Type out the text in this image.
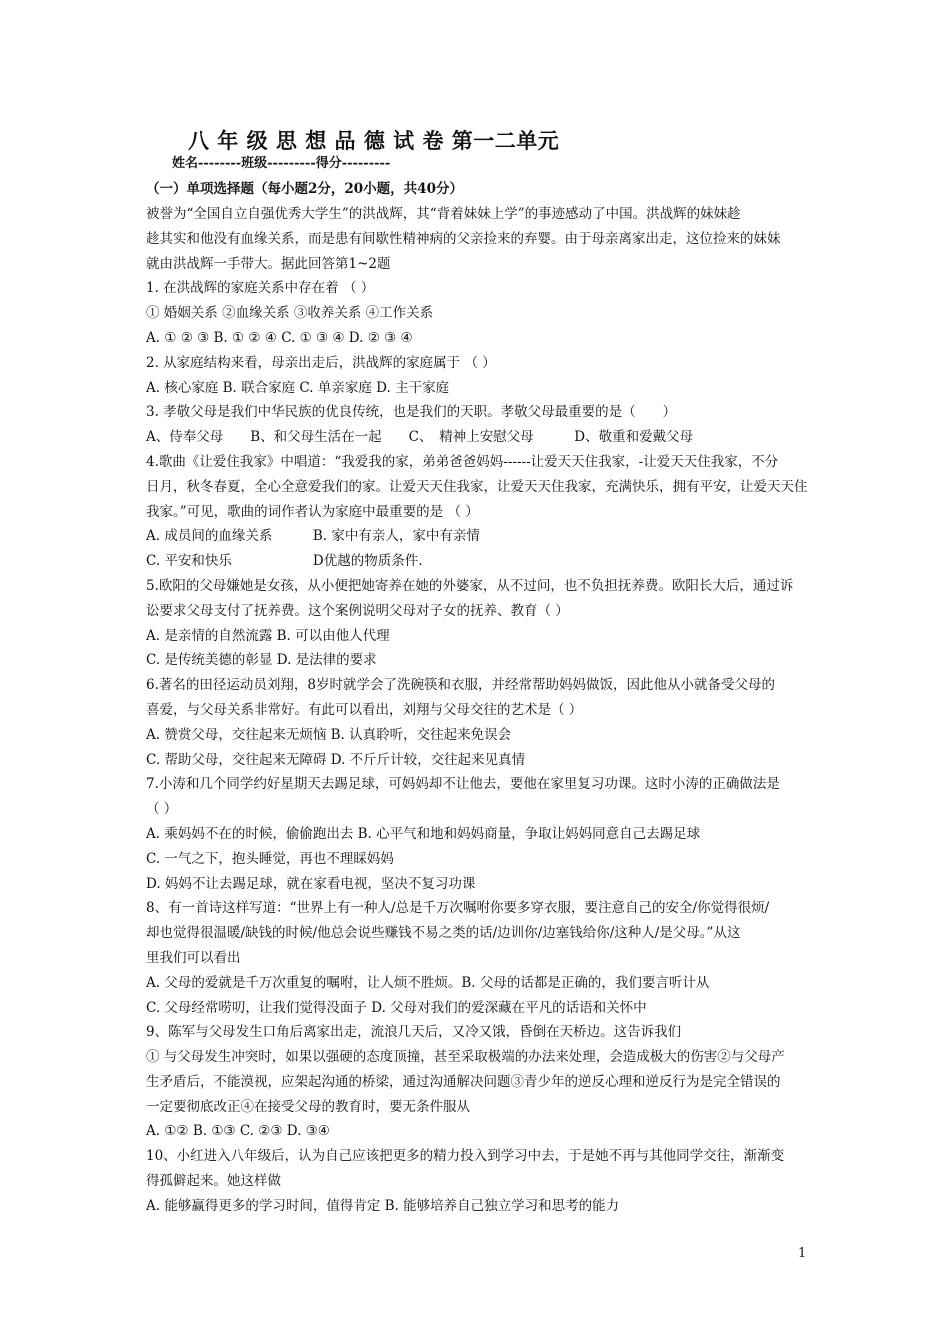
八 年 级 思 想 品 德 试 卷 第一二单元
姓名--------班级---------得分---------
（一）单项选择题（每小题2分，20小题，共40分）
被誉为“全国自立自强优秀大学生”的洪战辉，其“背着妹妹上学”的事迹感动了中国。洪战辉的妹妹趁
趁其实和他没有血缘关系，而是患有间歇性精神病的父亲捡来的弃婴。由于母亲离家出走，这位捡来的妹妹
就由洪战辉一手带大。据此回答第1~2题
1. 在洪战辉的家庭关系中存在着 （ ）
① 婚姻关系 ②血缘关系 ③收养关系 ④工作关系
A. ① ② ③ B. ① ② ④ C. ① ③ ④ D. ② ③ ④
2. 从家庭结构来看，母亲出走后，洪战辉的家庭属于 （ ）
A. 核心家庭 B. 联合家庭 C. 单亲家庭 D. 主干家庭
3. 孝敬父母是我们中华民族的优良传统，也是我们的天职。孝敬父母最重要的是（　　）
A、侍奉父母　　B、和父母生活在一起　　C、　精神上安慰父母　　　D、敬重和爱戴父母
4.歌曲《让爱住我家》中唱道：“我爱我的家，弟弟爸爸妈妈------让爱天天住我家，-让爱天天住我家，不分
日月，秋冬春夏，全心全意爱我们的家。让爱天天住我家，让爱天天住我家，充满快乐，拥有平安，让爱天天住
我家。”可见，歌曲的词作者认为家庭中最重要的是 （ ）
A. 成员间的血缘关系　　　B. 家中有亲人，家中有亲情
C. 平安和快乐　　　　　　D优越的物质条件.
5.欧阳的父母嫌她是女孩，从小便把她寄养在她的外婆家，从不过问，也不负担抚养费。欧阳长大后，通过诉
讼要求父母支付了抚养费。这个案例说明父母对子女的抚养、教育（ ）
A. 是亲情的自然流露 B. 可以由他人代理
C. 是传统美德的彰显 D. 是法律的要求
6.著名的田径运动员刘翔，8岁时就学会了洗碗筷和衣服，并经常帮助妈妈做饭，因此他从小就备受父母的
喜爱，与父母关系非常好。有此可以看出，刘翔与父母交往的艺术是（ ）
A. 赞赏父母，交往起来无烦恼 B. 认真聆听，交往起来免误会
C. 帮助父母，交往起来无障碍 D. 不斤斤计较，交往起来见真情
7.小涛和几个同学约好星期天去踢足球，可妈妈却不让他去，要他在家里复习功课。这时小涛的正确做法是
（ ）
A. 乘妈妈不在的时候，偷偷跑出去 B. 心平气和地和妈妈商量，争取让妈妈同意自己去踢足球
C. 一气之下，抱头睡觉，再也不理睬妈妈
D. 妈妈不让去踢足球，就在家看电视，坚决不复习功课
8、有一首诗这样写道：“世界上有一种人/总是千万次嘱咐你要多穿衣服，要注意自己的安全/你觉得很烦/
却也觉得很温暖/缺钱的时候/他总会说些赚钱不易之类的话/边训你/边塞钱给你/这种人/是父母。”从这
里我们可以看出
A. 父母的爱就是千万次重复的嘱咐，让人烦不胜烦。B. 父母的话都是正确的，我们要言听计从
C. 父母经常唠叨，让我们觉得没面子 D. 父母对我们的爱深藏在平凡的话语和关怀中
9、陈军与父母发生口角后离家出走，流浪几天后，又冷又饿，昏倒在天桥边。这告诉我们
① 与父母发生冲突时，如果以强硬的态度顶撞，甚至采取极端的办法来处理，会造成极大的伤害②与父母产
生矛盾后，不能漠视，应架起沟通的桥梁，通过沟通解决问题③青少年的逆反心理和逆反行为是完全错误的
一定要彻底改正④在接受父母的教育时，要无条件服从
A. ①② B. ①③ C. ②③ D. ③④
10、小红进入八年级后，认为自己应该把更多的精力投入到学习中去，于是她不再与其他同学交往，渐渐变
得孤僻起来。她这样做
A. 能够赢得更多的学习时间，值得肯定 B. 能够培养自己独立学习和思考的能力
1
